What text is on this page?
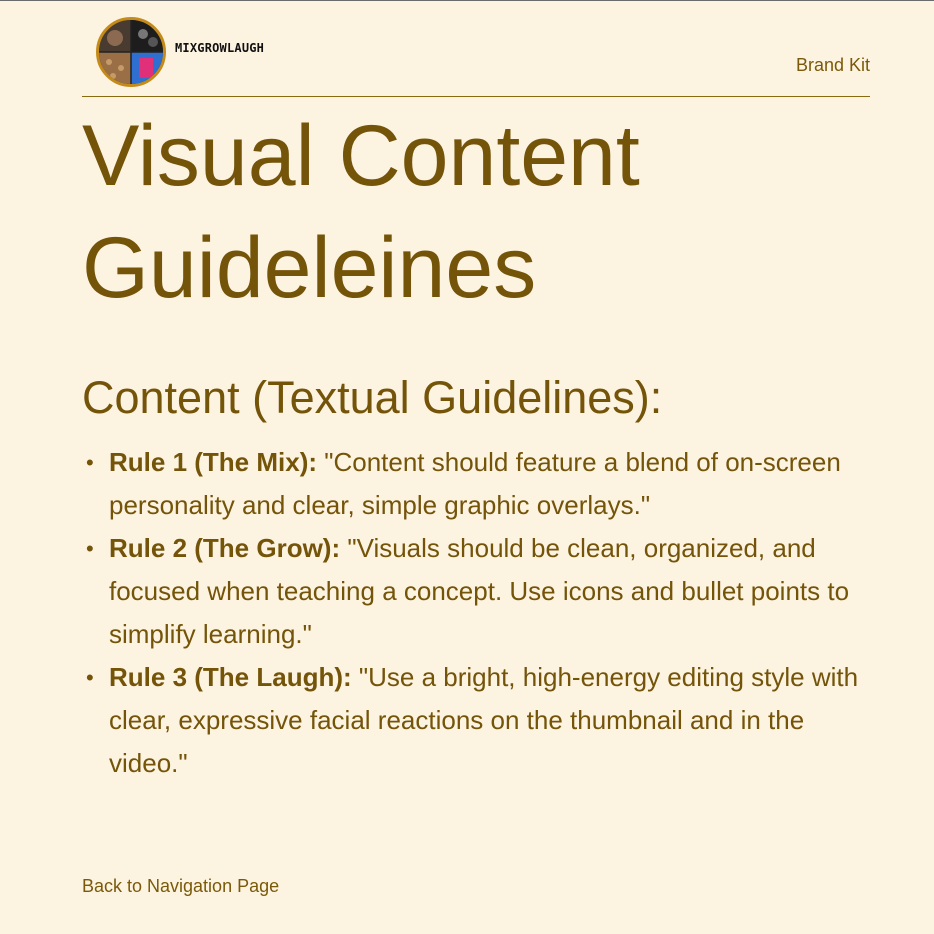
MIXGROWLAUGH
Brand Kit
Visual Content Guideleines
Content (Textual Guidelines):
• Rule 1 (The Mix): "Content should feature a blend of on-screen personality and clear, simple graphic overlays."
• Rule 2 (The Grow): "Visuals should be clean, organized, and focused when teaching a concept. Use icons and bullet points to simplify learning."
• Rule 3 (The Laugh): "Use a bright, high-energy editing style with clear, expressive facial reactions on the thumbnail and in the video."
Back to Navigation Page
